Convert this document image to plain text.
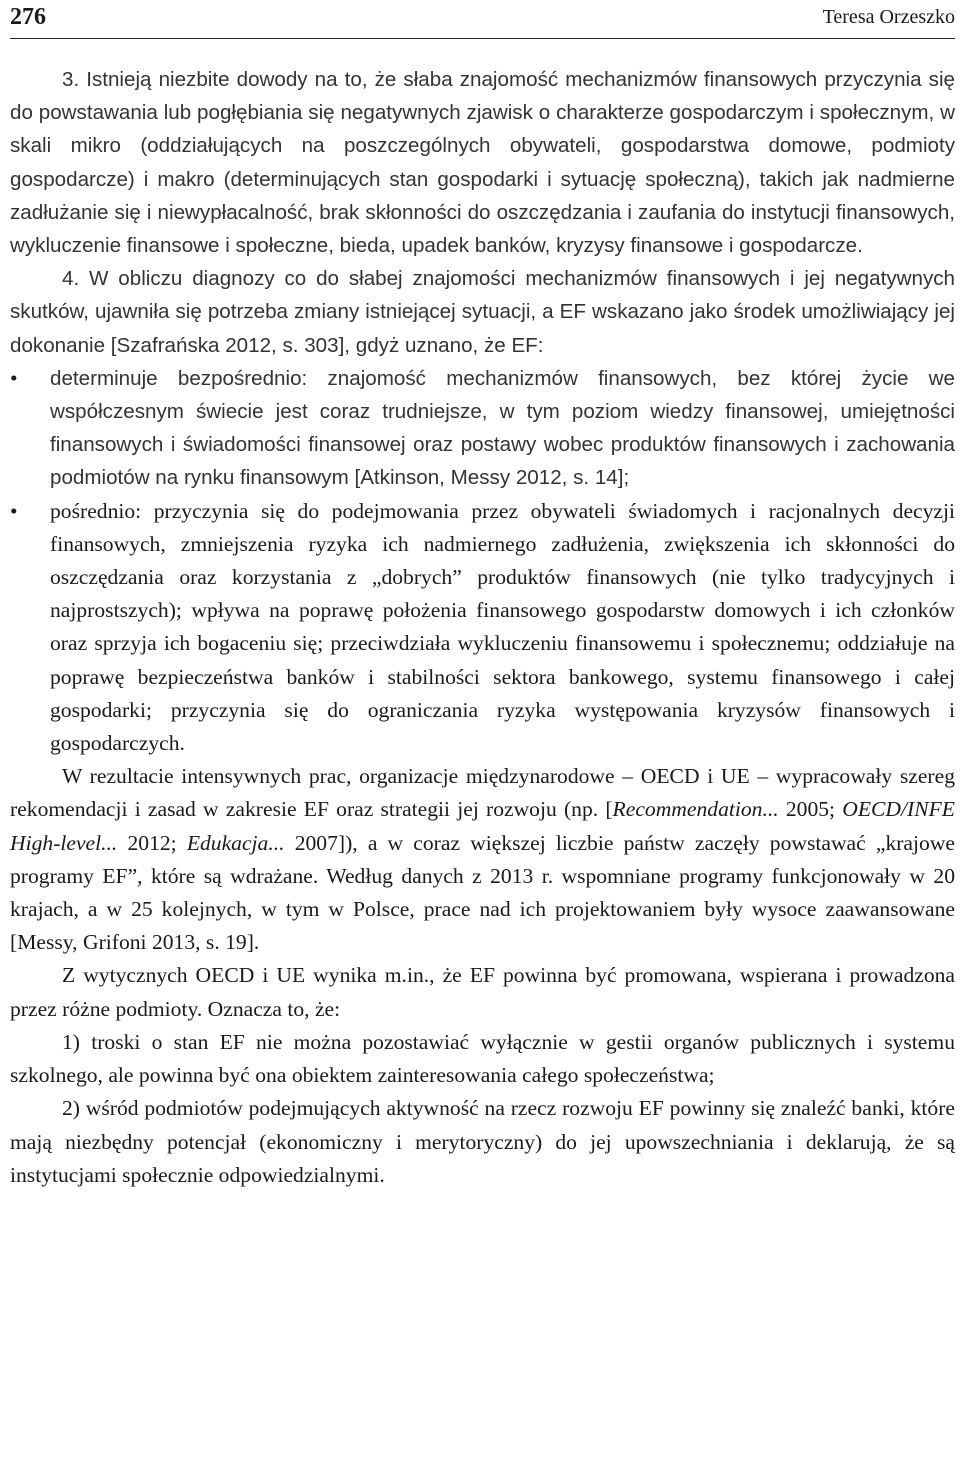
276	Teresa Orzeszko

3. Istnieją niezbite dowody na to, że słaba znajomość mechanizmów finansowych przyczynia się do powstawania lub pogłębiania się negatywnych zjawisk o charakterze gospodarczym i społecznym, w skali mikro (oddziałujących na poszczególnych obywateli, gospodarstwa domowe, podmioty gospodarcze) i makro (determinujących stan gospodarki i sytuację społeczną), takich jak nadmierne zadłużanie się i niewypłacalność, brak skłonności do oszczędzania i zaufania do instytucji finansowych, wykluczenie finansowe i społeczne, bieda, upadek banków, kryzysy finansowe i gospodarcze.

4. W obliczu diagnozy co do słabej znajomości mechanizmów finansowych i jej negatywnych skutków, ujawniła się potrzeba zmiany istniejącej sytuacji, a EF wskazano jako środek umożliwiający jej dokonanie [Szafrańska 2012, s. 303], gdyż uznano, że EF:

• determinuje bezpośrednio: znajomość mechanizmów finansowych, bez której życie we współczesnym świecie jest coraz trudniejsze, w tym poziom wiedzy finansowej, umiejętności finansowych i świadomości finansowej oraz postawy wobec produktów finansowych i zachowania podmiotów na rynku finansowym [Atkinson, Messy 2012, s. 14];
• pośrednio: przyczynia się do podejmowania przez obywateli świadomych i racjonalnych decyzji finansowych, zmniejszenia ryzyka ich nadmiernego zadłużenia, zwiększenia ich skłonności do oszczędzania oraz korzystania z „dobrych” produktów finansowych (nie tylko tradycyjnych i najprostszych); wpływa na poprawę położenia finansowego gospodarstw domowych i ich członków oraz sprzyja ich bogaceniu się; przeciwdziała wykluczeniu finansowemu i społecznemu; oddziałuje na poprawę bezpieczeństwa banków i stabilności sektora bankowego, systemu finansowego i całej gospodarki; przyczynia się do ograniczania ryzyka występowania kryzysów finansowych i gospodarczych.

W rezultacie intensywnych prac, organizacje międzynarodowe – OECD i UE – wypracowały szereg rekomendacji i zasad w zakresie EF oraz strategii jej rozwoju (np. [Recommendation... 2005; OECD/INFE High-level... 2012; Edukacja... 2007]), a w coraz większej liczbie państw zaczęły powstawać „krajowe programy EF”, które są wdrażane. Według danych z 2013 r. wspomniane programy funkcjonowały w 20 krajach, a w 25 kolejnych, w tym w Polsce, prace nad ich projektowaniem były wysoce zaawansowane [Messy, Grifoni 2013, s. 19].

Z wytycznych OECD i UE wynika m.in., że EF powinna być promowana, wspierana i prowadzona przez różne podmioty. Oznacza to, że:

1) troski o stan EF nie można pozostawiać wyłącznie w gestii organów publicznych i systemu szkolnego, ale powinna być ona obiektem zainteresowania całego społeczeństwa;

2) wśród podmiotów podejmujących aktywność na rzecz rozwoju EF powinny się znaleźć banki, które mają niezbędny potencjał (ekonomiczny i merytoryczny) do jej upowszechniania i deklarują, że są instytucjami społecznie odpowiedzialnymi.
